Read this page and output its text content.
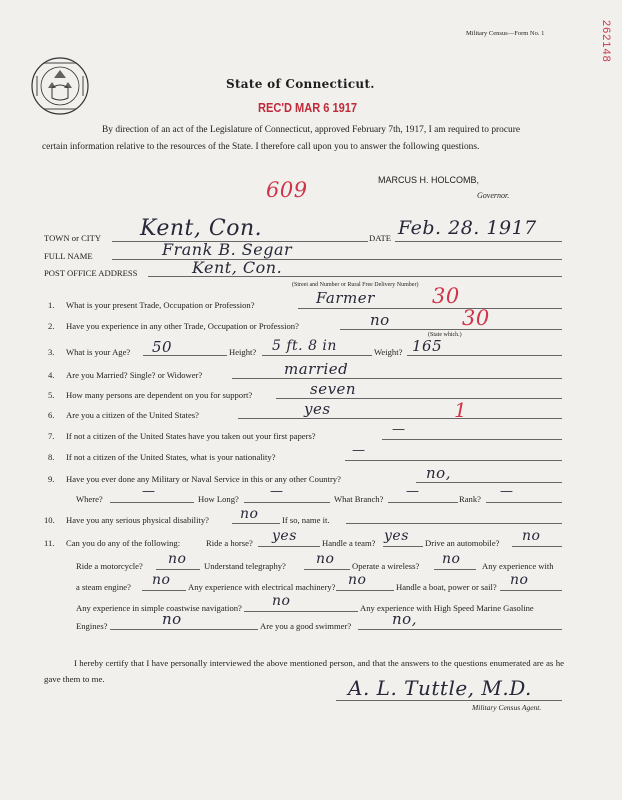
Military Census—Form No. 1	262148
State of Connecticut.
REC'D MAR 6 1917
By direction of an act of the Legislature of Connecticut, approved February 7th, 1917, I am required to procure certain information relative to the resources of the State. I therefore call upon you to answer the following questions.
MARCUS H. HOLCOMB,
Governor.
609
TOWN or CITY Kent, Con.	DATE Feb. 28. 1917
FULL NAME	Frank B. Segar
POST OFFICE ADDRESS	Kent, Con.
(Street and Number or Rural Free Delivery Number)
1. What is your present Trade, Occupation or Profession?	Farmer	30
2. Have you experience in any other Trade, Occupation or Profession?	no	30
(State which.)
3. What is your Age? 50	Height? 5 ft. 8 in	Weight? 165
4. Are you Married? Single? or Widower?	married
5. How many persons are dependent on you for support?	seven
6. Are you a citizen of the United States?	yes	1
7. If not a citizen of the United States have you taken out your first papers?	—
8. If not a citizen of the United States, what is your nationality?	—
9. Have you ever done any Military or Naval Service in this or any other Country?	no,
Where?	—	How Long? —	What Branch? —	Rank? —
10. Have you any serious physical disability? no	If so, name it.
11. Can you do any of the following:	Ride a horse? yes	Handle a team? yes Drive an automobile? no
Ride a motorcycle? no Understand telegraphy? no Operate a wireless? no	Any experience with
a steam engine? no Any experience with electrical machinery? no	Handle a boat, power or sail? no
Any experience in simple coastwise navigation? no	Any experience with High Speed Marine Gasoline
Engines?	no	Are you a good swimmer?	no,
I hereby certify that I have personally interviewed the above mentioned person, and that the answers to the questions enumerated are as he gave them to me.	A. L. Tuttle, M.D.
Military Census Agent.
